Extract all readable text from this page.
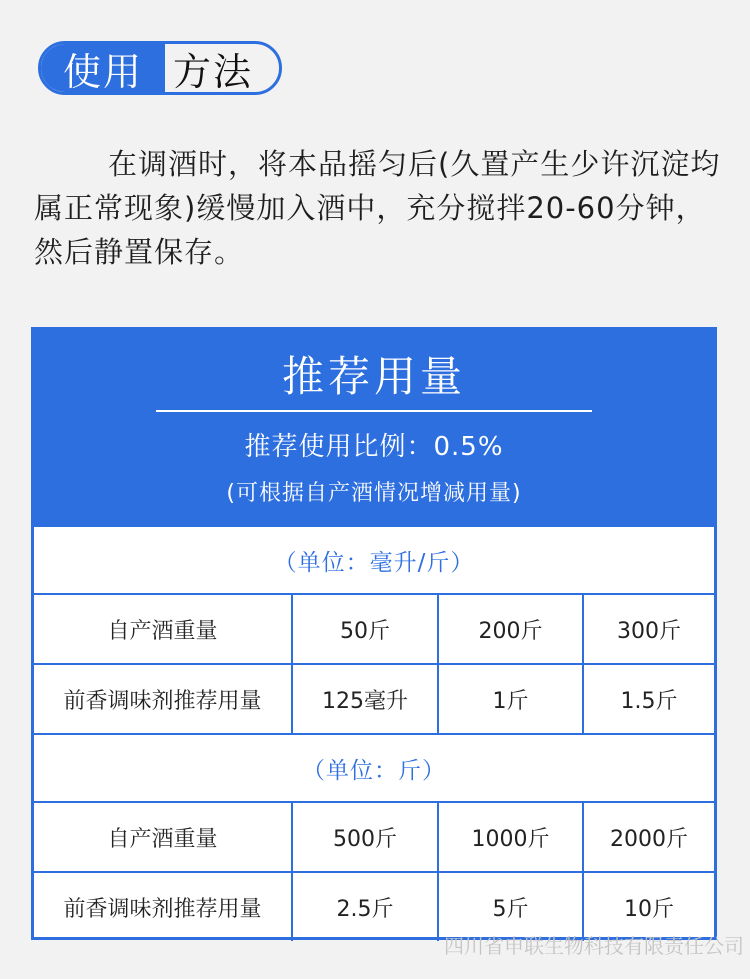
使用 方法
在调酒时，将本品摇匀后(久置产生少许沉淀均属正常现象)缓慢加入酒中，充分搅拌20-60分钟，然后静置保存。
推荐用量
推荐使用比例：0.5%
(可根据自产酒情况增减用量)
（单位：毫升/斤）			
自产酒重量	50斤	200斤	300斤
前香调味剂推荐用量	125毫升	1斤	1.5斤
（单位：斤）			
自产酒重量	500斤	1000斤	2000斤
前香调味剂推荐用量	2.5斤	5斤	10斤
四川省申联生物科技有限责任公司
